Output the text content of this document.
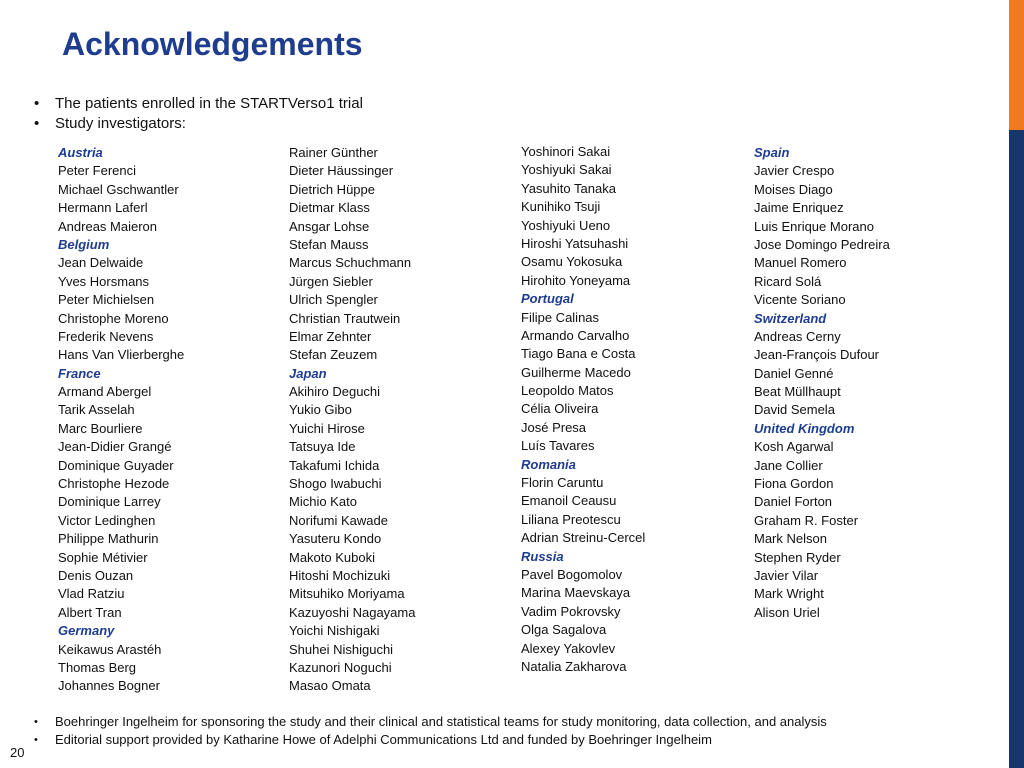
Acknowledgements
•	The patients enrolled in the STARTVerso1 trial
•	Study investigators:
Austria
Peter Ferenci
Michael Gschwantler
Hermann Laferl
Andreas Maieron
Belgium
Jean Delwaide
Yves Horsmans
Peter Michielsen
Christophe Moreno
Frederik Nevens
Hans Van Vlierberghe
France
Armand Abergel
Tarik Asselah
Marc Bourliere
Jean-Didier Grangé
Dominique Guyader
Christophe Hezode
Dominique Larrey
Victor Ledinghen
Philippe Mathurin
Sophie Métivier
Denis Ouzan
Vlad Ratziu
Albert Tran
Germany
Keikawus Arastéh
Thomas Berg
Johannes Bogner
Rainer Günther
Dieter Häussinger
Dietrich Hüppe
Dietmar Klass
Ansgar Lohse
Stefan Mauss
Marcus Schuchmann
Jürgen Siebler
Ulrich Spengler
Christian Trautwein
Elmar Zehnter
Stefan Zeuzem
Japan
Akihiro Deguchi
Yukio Gibo
Yuichi Hirose
Tatsuya Ide
Takafumi Ichida
Shogo Iwabuchi
Michio Kato
Norifumi Kawade
Yasuteru Kondo
Makoto Kuboki
Hitoshi Mochizuki
Mitsuhiko Moriyama
Kazuyoshi Nagayama
Yoichi Nishigaki
Shuhei Nishiguchi
Kazunori Noguchi
Masao Omata
Yoshinori Sakai
Yoshiyuki Sakai
Yasuhito Tanaka
Kunihiko Tsuji
Yoshiyuki Ueno
Hiroshi Yatsuhashi
Osamu Yokosuka
Hirohito Yoneyama
Portugal
Filipe Calinas
Armando Carvalho
Tiago Bana e Costa
Guilherme Macedo
Leopoldo Matos
Célia Oliveira
José Presa
Luís Tavares
Romania
Florin Caruntu
Emanoil Ceausu
Liliana Preotescu
Adrian Streinu-Cercel
Russia
Pavel Bogomolov
Marina Maevskaya
Vadim Pokrovsky
Olga Sagalova
Alexey Yakovlev
Natalia Zakharova
Spain
Javier Crespo
Moises Diago
Jaime Enriquez
Luis Enrique Morano
Jose Domingo Pedreira
Manuel Romero
Ricard Solá
Vicente Soriano
Switzerland
Andreas Cerny
Jean-François Dufour
Daniel Genné
Beat Müllhaupt
David Semela
United Kingdom
Kosh Agarwal
Jane Collier
Fiona Gordon
Daniel Forton
Graham R. Foster
Mark Nelson
Stephen Ryder
Javier Vilar
Mark Wright
Alison Uriel
•	Boehringer Ingelheim for sponsoring the study and their clinical and statistical teams for study monitoring, data collection, and analysis
•	Editorial support provided by Katharine Howe of Adelphi Communications Ltd and funded by Boehringer Ingelheim
20
